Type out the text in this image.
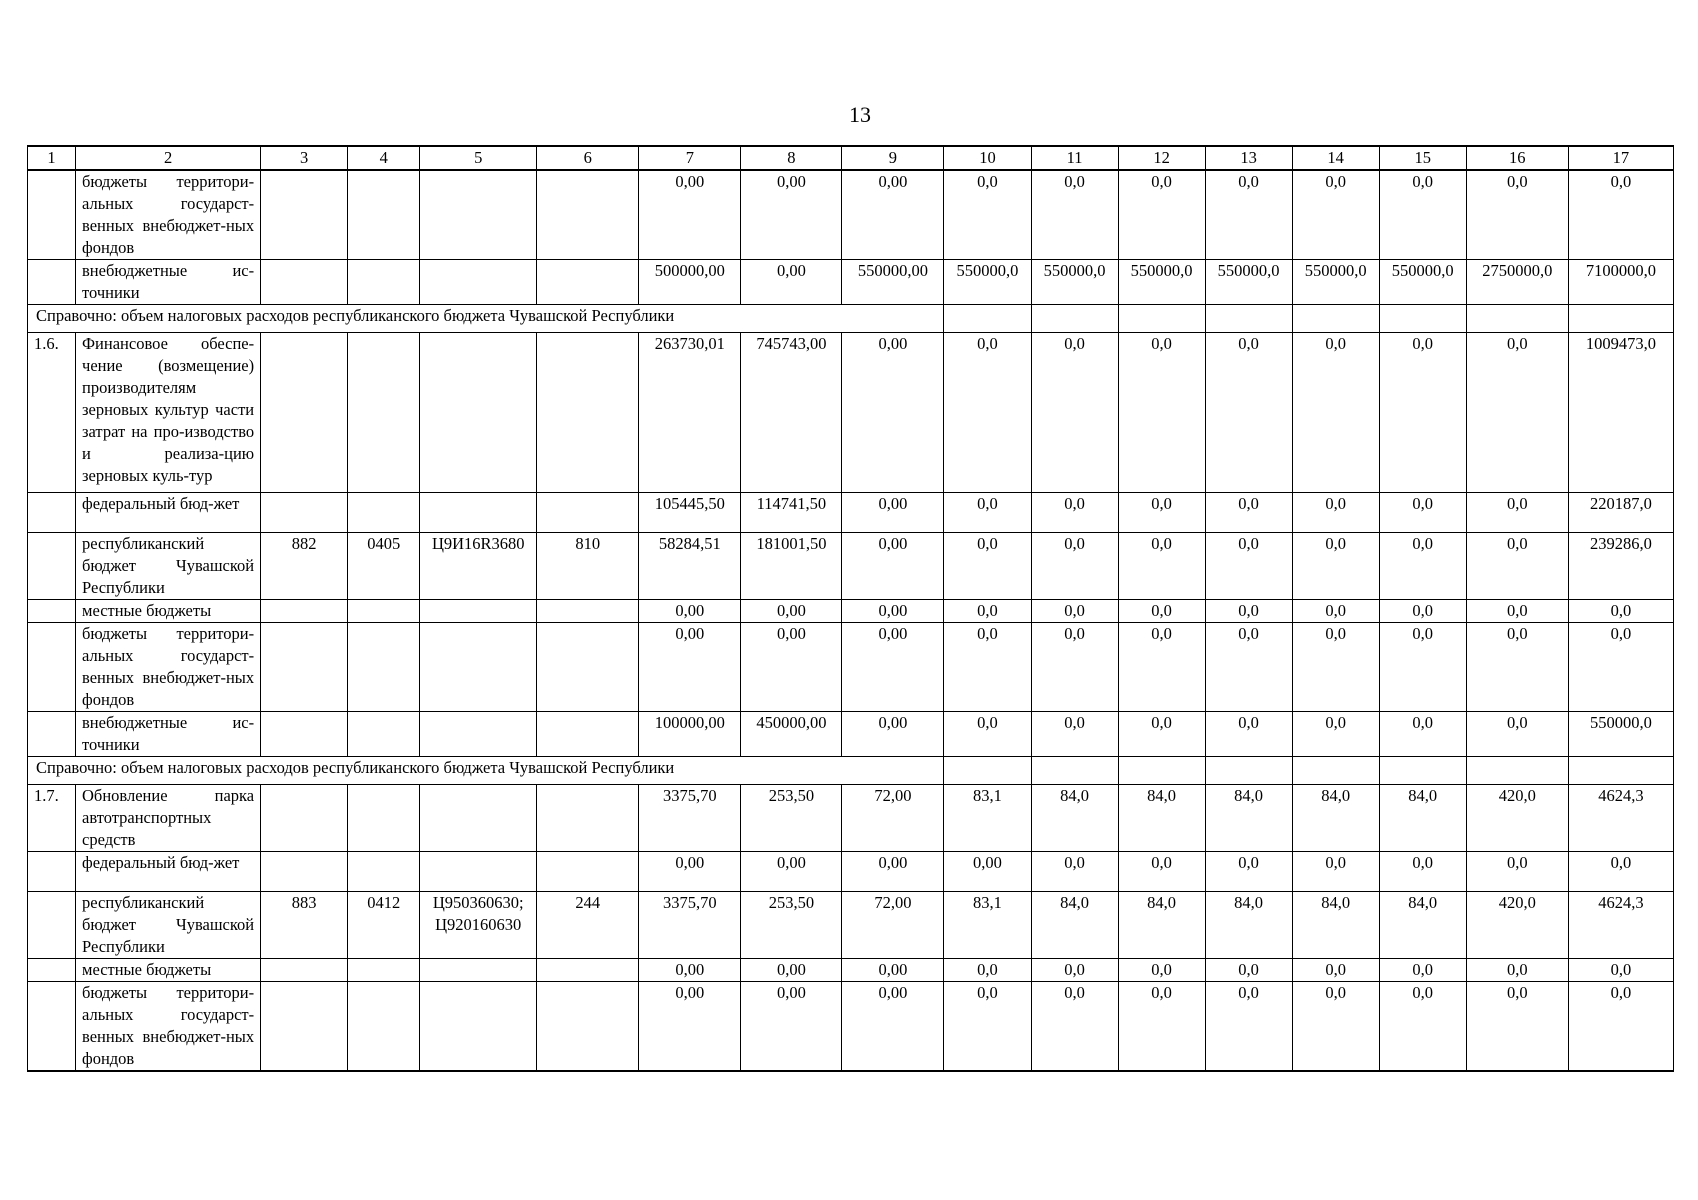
13
1	2	3	4	5	6	7	8	9	10	11	12	13	14	15	16	17
	бюджеты территори-альных государст-венных внебюджет-ных фондов					0,00	0,00	0,00	0,0	0,0	0,0	0,0	0,0	0,0	0,0	0,0
	внебюджетные ис-точники					500000,00	0,00	550000,00	550000,0	550000,0	550000,0	550000,0	550000,0	550000,0	2750000,0	7100000,0
Справочно: объем налоговых расходов республиканского бюджета Чувашской Республики																
1.6.	Финансовое обеспе-чение (возмещение) производителям зерновых культур части затрат на про-изводство и реализа-цию зерновых куль-тур					263730,01	745743,00	0,00	0,0	0,0	0,0	0,0	0,0	0,0	0,0	1009473,0
	федеральный бюд-жет					105445,50	114741,50	0,00	0,0	0,0	0,0	0,0	0,0	0,0	0,0	220187,0
	республиканский бюджет Чувашской Республики	882	0405	Ц9И16R3680	810	58284,51	181001,50	0,00	0,0	0,0	0,0	0,0	0,0	0,0	0,0	239286,0
	местные бюджеты					0,00	0,00	0,00	0,0	0,0	0,0	0,0	0,0	0,0	0,0	0,0
	бюджеты территори-альных государст-венных внебюджет-ных фондов					0,00	0,00	0,00	0,0	0,0	0,0	0,0	0,0	0,0	0,0	0,0
	внебюджетные ис-точники					100000,00	450000,00	0,00	0,0	0,0	0,0	0,0	0,0	0,0	0,0	550000,0
Справочно: объем налоговых расходов республиканского бюджета Чувашской Республики																
1.7.	Обновление парка автотранспортных средств					3375,70	253,50	72,00	83,1	84,0	84,0	84,0	84,0	84,0	420,0	4624,3
	федеральный бюд-жет					0,00	0,00	0,00	0,00	0,0	0,0	0,0	0,0	0,0	0,0	0,0
	республиканский бюджет Чувашской Республики	883	0412	Ц950360630; Ц920160630	244	3375,70	253,50	72,00	83,1	84,0	84,0	84,0	84,0	84,0	420,0	4624,3
	местные бюджеты					0,00	0,00	0,00	0,0	0,0	0,0	0,0	0,0	0,0	0,0	0,0
	бюджеты территори-альных государст-венных внебюджет-ных фондов					0,00	0,00	0,00	0,0	0,0	0,0	0,0	0,0	0,0	0,0	0,0
